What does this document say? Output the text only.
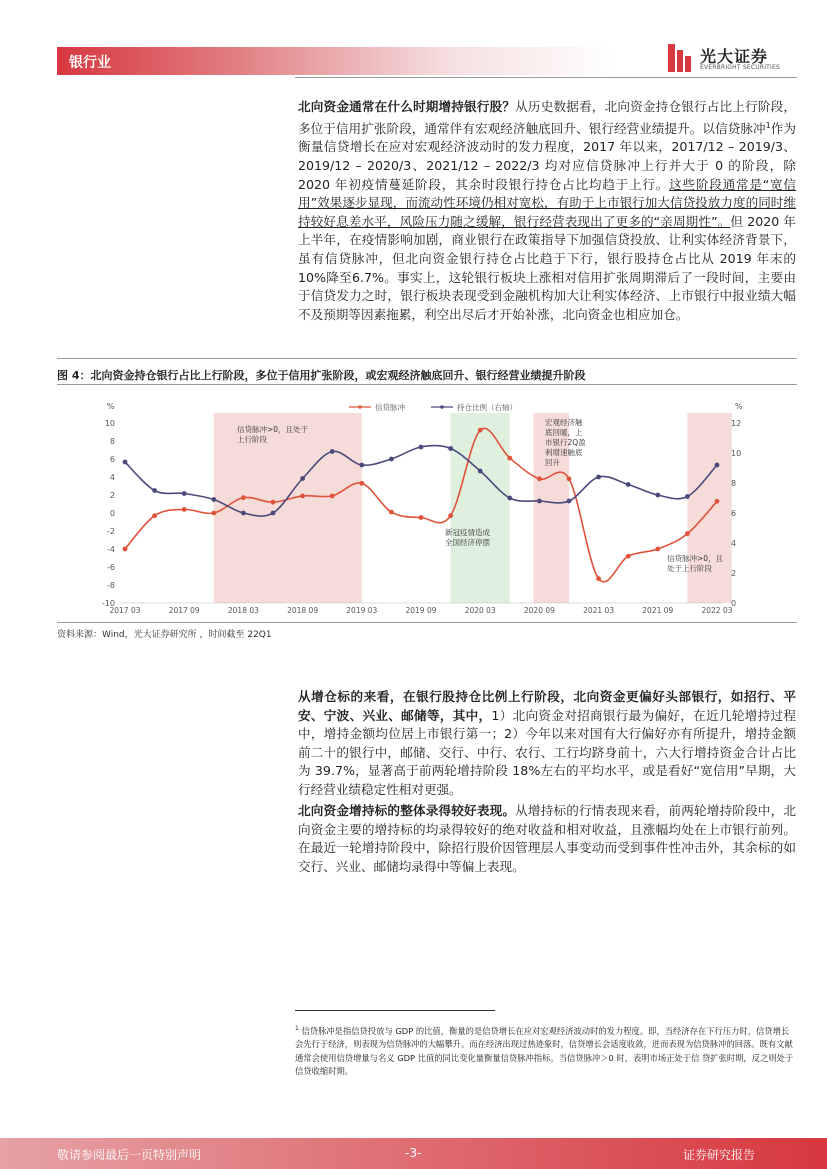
银行业	光大证券
EVERBRIGHT SECURITIES
北向资金通常在什么时期增持银行股？从历史数据看，北向资金持仓银行占比上行阶段，多位于信用扩张阶段，通常伴有宏观经济触底回升、银行经营业绩提升。以信贷脉冲$^1$作为衡量信贷增长在应对宏观经济波动时的发力程度，2017 年以来，2017/12 – 2019/3、2019/12 – 2020/3、2021/12 – 2022/3 均对应信贷脉冲上行并大于 0 的阶段，除 2020 年初疫情蔓延阶段，其余时段银行持仓占比均趋于上行。这些阶段通常是“宽信用”效果逐步显现，而流动性环境仍相对宽松，有助于上市银行加大信贷投放力度的同时维持较好息差水平，风险压力随之缓解，银行经营表现出了更多的“亲周期性”。但 2020 年上半年，在疫情影响加剧，商业银行在政策指导下加强信贷投放、让利实体经济背景下，虽有信贷脉冲，但北向资金银行持仓占比趋于下行，银行股持仓占比从 2019 年末的 10%降至6.7%。事实上，这轮银行板块上涨相对信用扩张周期滞后了一段时间，主要由于信贷发力之时，银行板块表现受到金融机构加大让利实体经济、上市银行中报业绩大幅不及预期等因素拖累，利空出尽后才开始补涨，北向资金也相应加仓。
图 4：北向资金持仓银行占比上行阶段，多位于信用扩张阶段，或宏观经济触底回升、银行经营业绩提升阶段
%
10
8
6
4
2
0
-2
-4
-6
-8
-10
%
12
10
8
6
4
2
0
2017 03	2017 09	2018 03	2018 09	2019 03	2019 09	2020 03	2020 09	2021 03	2021 09	2022 03
信贷脉冲>0，且处于上行阶段
新冠疫情造成全国经济停摆
宏观经济触底回暖，上市银行2Q盈利增速触底回升
信贷脉冲>0，且处于上行阶段
信贷脉冲	持仓比例（右轴）
资料来源：Wind，光大证券研究所 ，时间截至 22Q1
从增仓标的来看，在银行股持仓比例上行阶段，北向资金更偏好头部银行，如招行、平安、宁波、兴业、邮储等，其中，1）北向资金对招商银行最为偏好，在近几轮增持过程中，增持金额均位居上市银行第一；2）今年以来对国有大行偏好亦有所提升，增持金额前二十的银行中，邮储、交行、中行、农行、工行均跻身前十，六大行增持资金合计占比为 39.7%，显著高于前两轮增持阶段 18%左右的平均水平，或是看好“宽信用”早期，大行经营业绩稳定性相对更强。
北向资金增持标的整体录得较好表现。从增持标的行情表现来看，前两轮增持阶段中，北向资金主要的增持标的均录得较好的绝对收益和相对收益，且涨幅均处在上市银行前列。在最近一轮增持阶段中，除招行股价因管理层人事变动而受到事件性冲击外，其余标的如交行、兴业、邮储均录得中等偏上表现。
$^1$ 信贷脉冲是指信贷投放与 GDP 的比值，衡量的是信贷增长在应对宏观经济波动时的发力程度。即，当经济存在下行压力时，信贷增长会先行于经济，则表现为信贷脉冲的大幅攀升。而在经济出现过热迹象时，信贷增长会适度收敛，进而表现为信贷脉冲的回落。既有文献通常会使用信贷增量与名义 GDP 比值的同比变化量衡量信贷脉冲指标。当信贷脉冲＞0 时，表明市场正处于信 贷扩张时期，反之则处于信贷收缩时期。
敬请参阅最后一页特别声明	-3-	证券研究报告
